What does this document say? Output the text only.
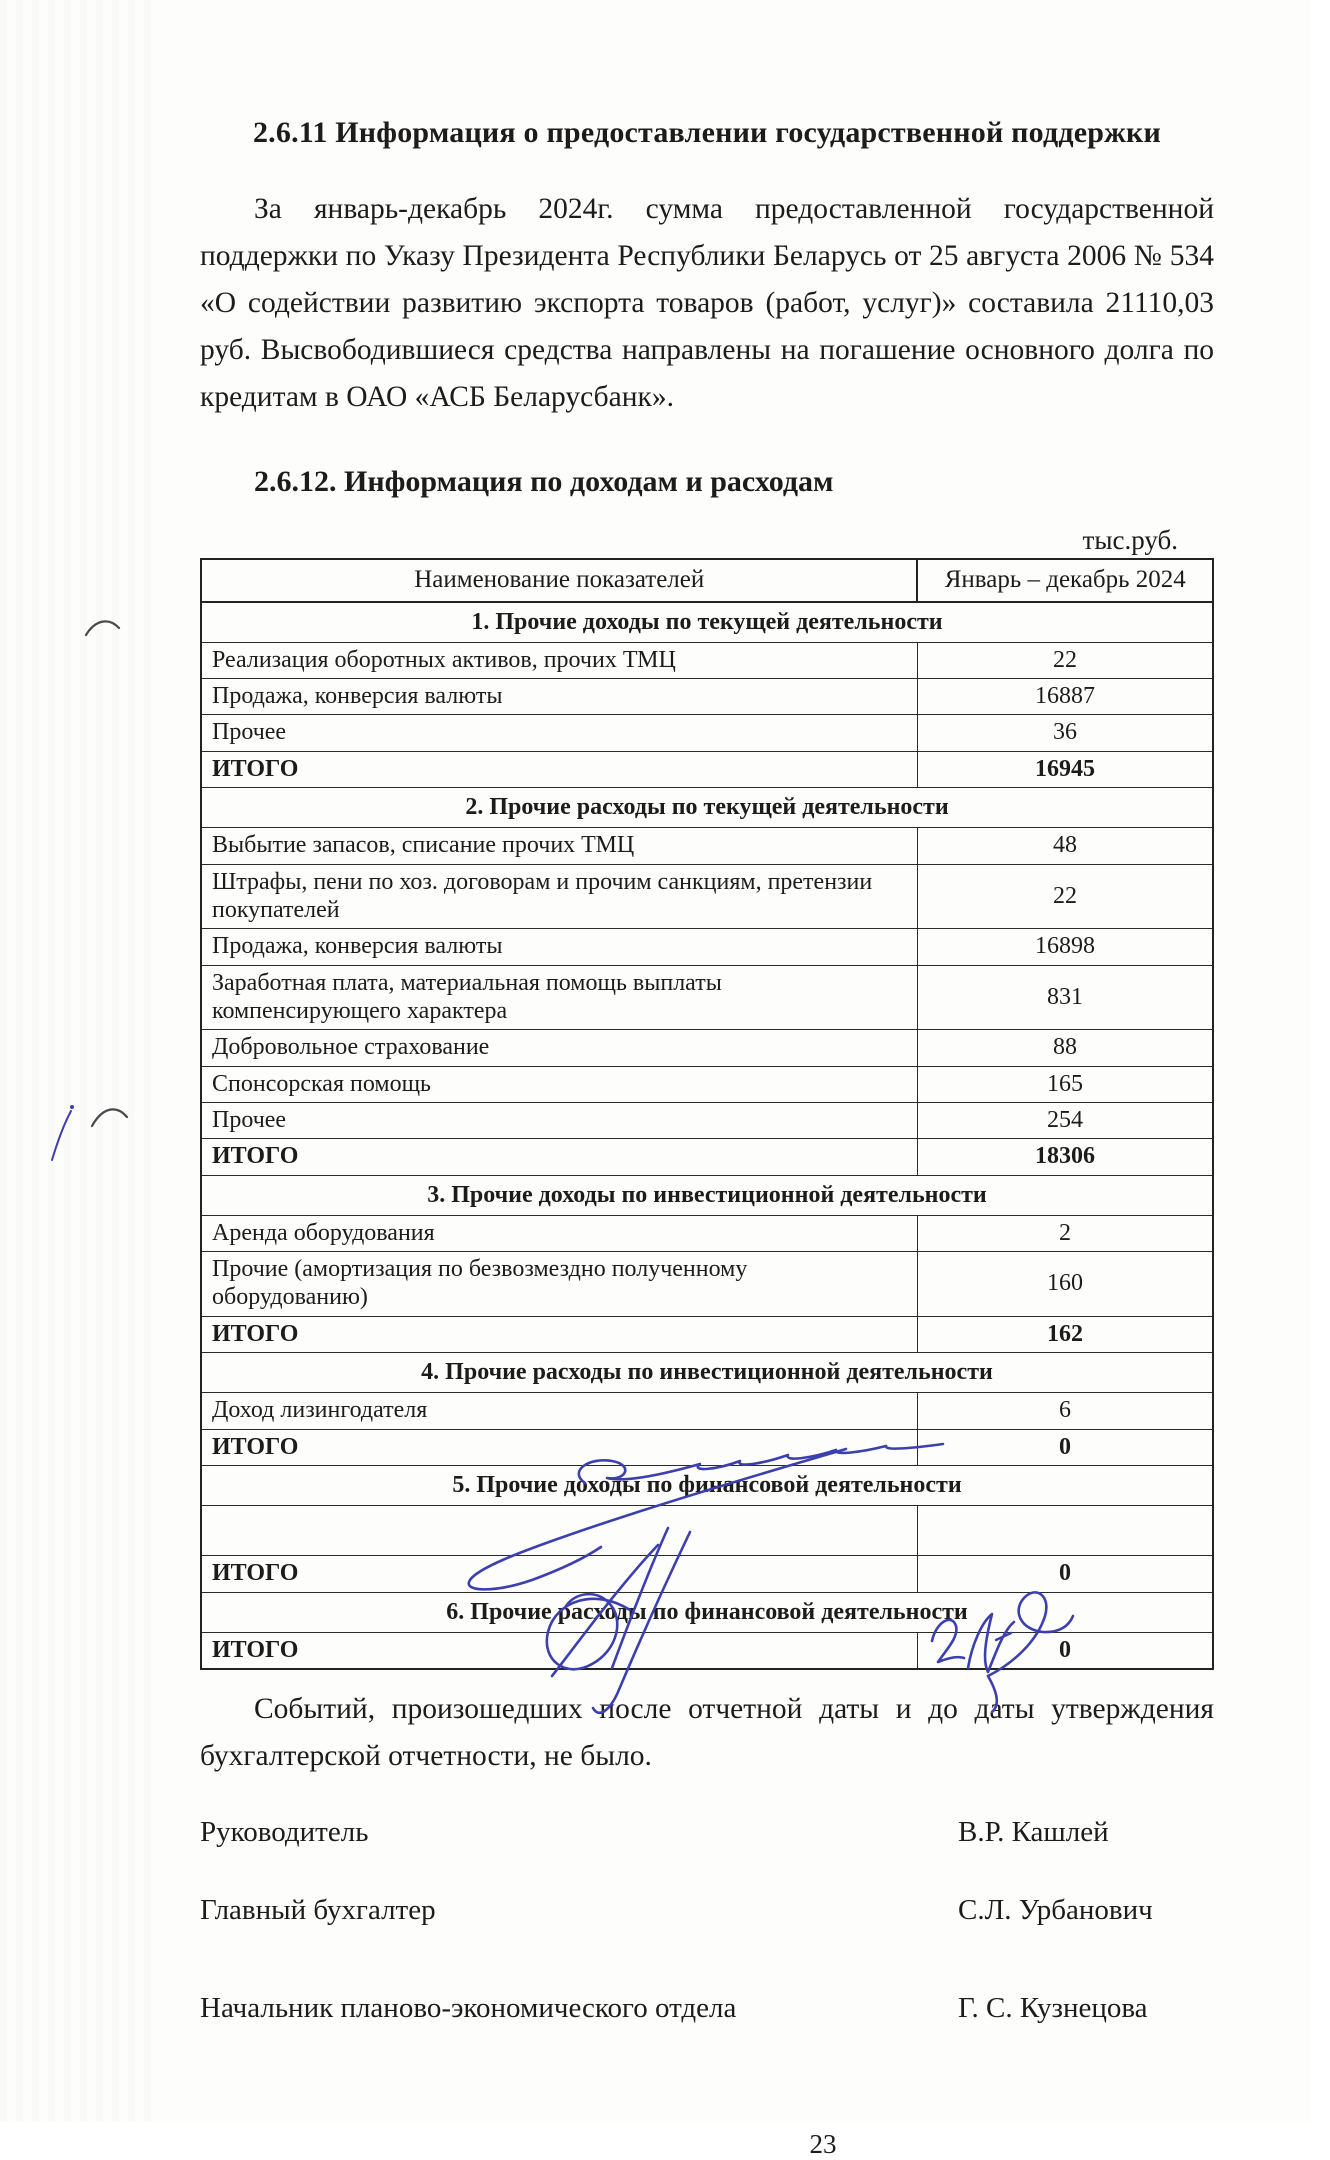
2.6.11 Информация о предоставлении государственной поддержки

За январь-декабрь 2024г. сумма предоставленной государственной поддержки по Указу Президента Республики Беларусь от 25 августа 2006 № 534 «О содействии развитию экспорта товаров (работ, услуг)» составила 21110,03 руб. Высвободившиеся средства направлены на погашение основного долга по кредитам в ОАО «АСБ Беларусбанк».

2.6.12. Информация по доходам и расходам
тыс.руб.
Наименование показателей	Январь – декабрь 2024
1. Прочие доходы по текущей деятельности	
Реализация оборотных активов, прочих ТМЦ	22
Продажа, конверсия валюты	16887
Прочее	36
ИТОГО	16945
2. Прочие расходы по текущей деятельности	
Выбытие запасов, списание прочих ТМЦ	48
Штрафы, пени по хоз. договорам и прочим санкциям, претензии покупателей	22
Продажа, конверсия валюты	16898
Заработная плата, материальная помощь выплаты компенсирующего характера	831
Добровольное страхование	88
Спонсорская помощь	165
Прочее	254
ИТОГО	18306
3. Прочие доходы по инвестиционной деятельности	
Аренда оборудования	2
Прочие (амортизация по безвозмездно полученному оборудованию)	160
ИТОГО	162
4. Прочие расходы по инвестиционной деятельности	
Доход лизингодателя	6
ИТОГО	0
5. Прочие доходы по финансовой деятельности	

ИТОГО	0
6. Прочие расходы по финансовой деятельности	
ИТОГО	0

Событий, произошедших после отчетной даты и до даты утверждения бухгалтерской отчетности, не было.

Руководитель	В.Р. Кашлей
Главный бухгалтер	С.Л. Урбанович
Начальник планово-экономического отдела	Г. С. Кузнецова
23
